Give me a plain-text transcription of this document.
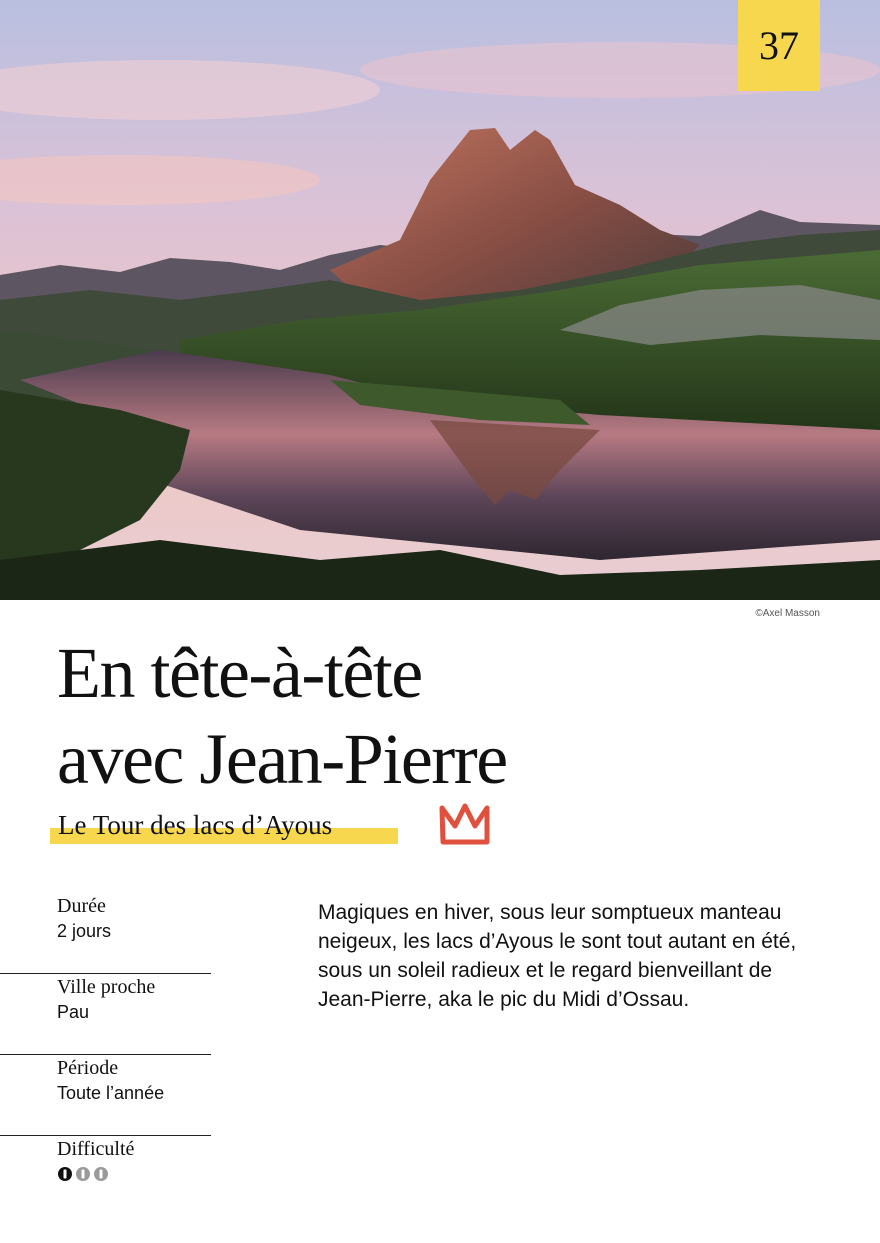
37
©Axel Masson
En tête-à-tête
avec Jean-Pierre
Le Tour des lacs d’Ayous
Durée
2 jours
Ville proche
Pau
Période
Toute l’année
Difficulté

Magiques en hiver, sous leur somptueux manteau neigeux, les lacs d’Ayous le sont tout autant en été, sous un soleil radieux et le regard bienveillant de Jean-Pierre, aka le pic du Midi d’Ossau.
